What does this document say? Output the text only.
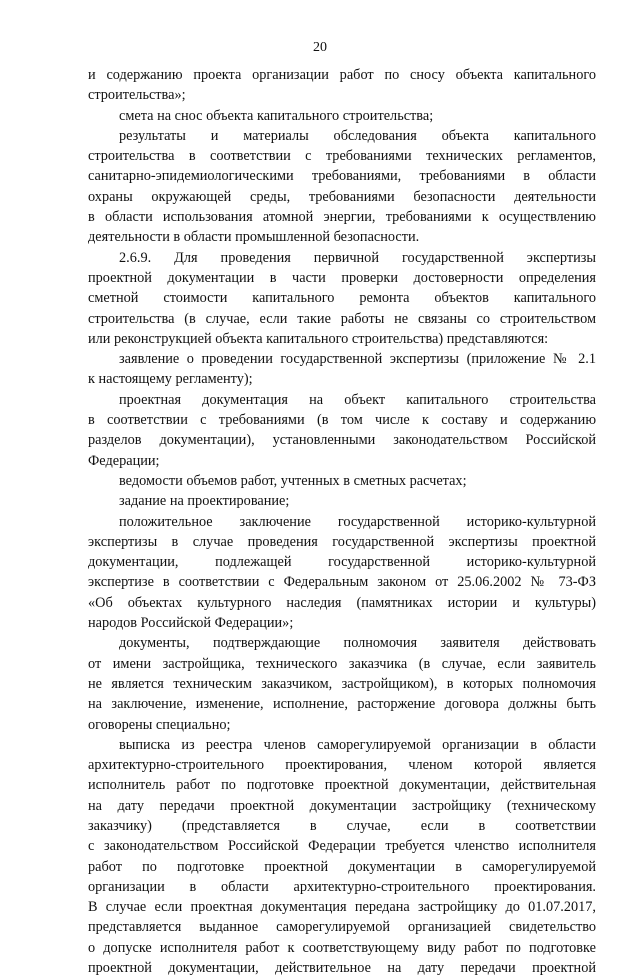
20
и содержанию проекта организации работ по сносу объекта капитального
строительства»;
смета на снос объекта капитального строительства;
результаты и материалы обследования объекта капитального
строительства в соответствии с требованиями технических регламентов,
санитарно-эпидемиологическими требованиями, требованиями в области
охраны окружающей среды, требованиями безопасности деятельности
в области использования атомной энергии, требованиями к осуществлению
деятельности в области промышленной безопасности.
2.6.9. Для проведения первичной государственной экспертизы
проектной документации в части проверки достоверности определения
сметной стоимости капитального ремонта объектов капитального
строительства (в случае, если такие работы не связаны со строительством
или реконструкцией объекта капитального строительства) представляются:
заявление о проведении государственной экспертизы (приложение № 2.1
к настоящему регламенту);
проектная документация на объект капитального строительства
в соответствии с требованиями (в том числе к составу и содержанию
разделов документации), установленными законодательством Российской
Федерации;
ведомости объемов работ, учтенных в сметных расчетах;
задание на проектирование;
положительное заключение государственной историко-культурной
экспертизы в случае проведения государственной экспертизы проектной
документации, подлежащей государственной историко-культурной
экспертизе в соответствии с Федеральным законом от 25.06.2002 № 73-ФЗ
«Об объектах культурного наследия (памятниках истории и культуры)
народов Российской Федерации»;
документы, подтверждающие полномочия заявителя действовать
от имени застройщика, технического заказчика (в случае, если заявитель
не является техническим заказчиком, застройщиком), в которых полномочия
на заключение, изменение, исполнение, расторжение договора должны быть
оговорены специально;
выписка из реестра членов саморегулируемой организации в области
архитектурно-строительного проектирования, членом которой является
исполнитель работ по подготовке проектной документации, действительная
на дату передачи проектной документации застройщику (техническому
заказчику) (представляется в случае, если в соответствии
с законодательством Российской Федерации требуется членство исполнителя
работ по подготовке проектной документации в саморегулируемой
организации в области архитектурно-строительного проектирования.
В случае если проектная документация передана застройщику до 01.07.2017,
представляется выданное саморегулируемой организацией свидетельство
о допуске исполнителя работ к соответствующему виду работ по подготовке
проектной документации, действительное на дату передачи проектной
